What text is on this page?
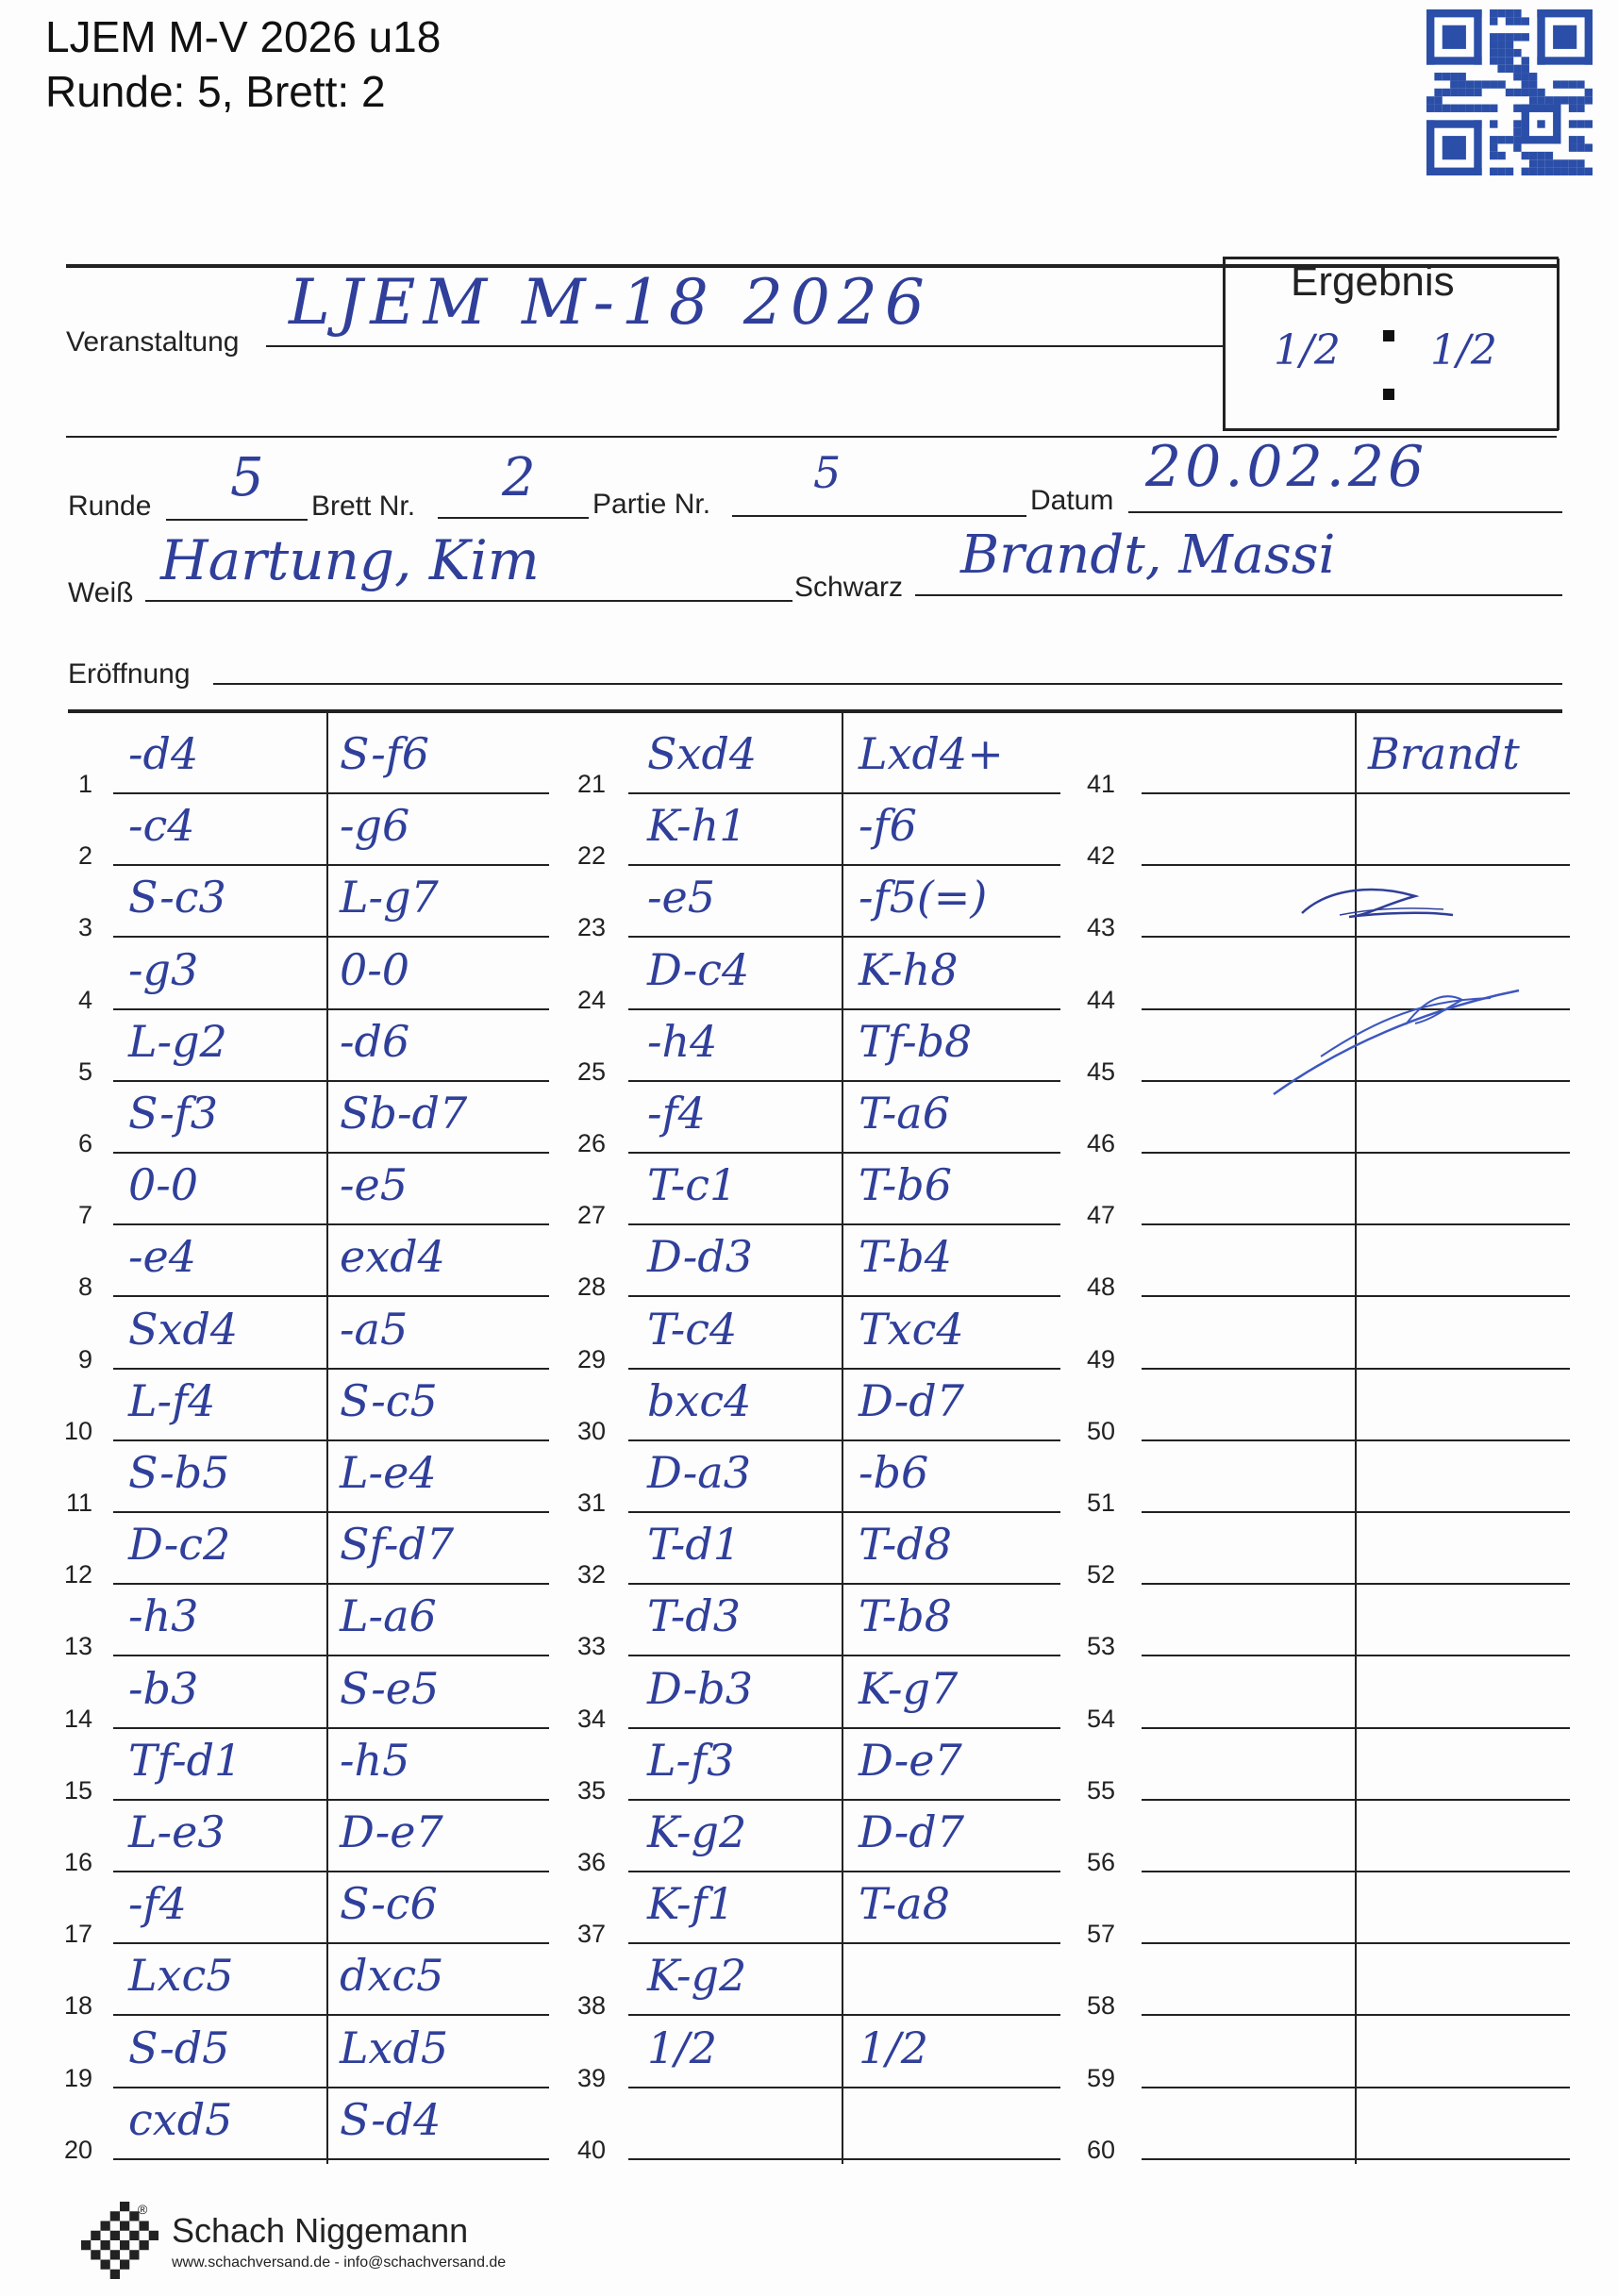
LJEM M-V 2026 u18
Runde: 5, Brett: 2
Veranstaltung
LJEM M-18 2026	Ergebnis
1/2 1/2
Runde 5 Brett Nr. 2 Partie Nr.
5
Datum
20.02.26
Weiß
Hartung, Kim	Schwarz
Brandt, Massi
Eröffnung
1
-d4	S-f6
2
-c4	-g6
3
S-c3	L-g7
4
-g3	0-0
5
L-g2	-d6
6
S-f3	Sb-d7
7
0-0	-e5
8
-e4	exd4
9
Sxd4 -a5
10
L-f4	S-c5
11
S-b5	L-e4
12
D-c2	Sf-d7
13
-h3	L-a6
14
-b3	S-e5
15
Tf-d1 -h5
16
L-e3	D-e7
17
-f4	S-c6
18
Lxc5 dxc5
19
S-d5	Lxd5
20
cxd5 S-d4
21
Sxd4 Lxd4+
22
K-h1	-f6
23
-e5	-f5(=)
24
D-c4	K-h8
25
-h4	Tf-b8
26
-f4	T-a6
27
T-c1	T-b6
28
D-d3 T-b4
29
T-c4	Txc4
30
bxc4 D-d7
31
D-a3 -b6
32
T-d1	T-d8
33
T-d3	T-b8
34
D-b3 K-g7
35
L-f3	D-e7
36
K-g2	D-d7
37
K-f1	T-a8
38
K-g2
39
1/2	1/2
40
41
Brandt
42
43
44
45
46
47
48
49
50
51
52
53
54
55
56
57
58
59
60
Schach Niggemann
®
www.schachversand.de - info@schachversand.de
